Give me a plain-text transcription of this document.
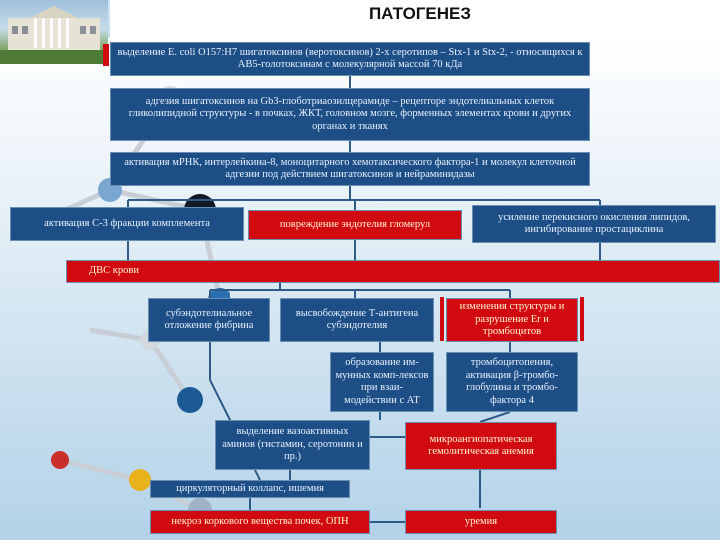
ПАТОГЕНЕЗ
выделение E. coli O157:H7 шигатоксинов (веротоксинов) 2-х серотипов – Stx-1 и Stx-2, - относящихся к АВ5-голотоксинам с молекулярной массой 70 кДа
адгезия шигатоксинов на Gb3-глоботриаозилцерамиде – рецепторе эндотелиальных клеток гликолипидной структуры - в почках, ЖКТ, головном мозге, форменных элементах крови и других органах и тканях
активация мРНК, интерлейкина-8, моноцитарного хемотаксического фактора-1 и молекул клеточной адгезии под действием шигатоксинов и нейраминидазы
активация С-3 фракции комплемента	повреждение эндотелия гломерул
усиление перекисного окисления липидов, ингибирование простациклина
ДВС крови
субэндотелиальное отложение фибрина
высвобождение Т-антигена субэндотелия
изменения структуры и разрушение Er и тромбоцитов
образование им-мунных комп-лексов при взаи-модействии с АТ
тромбоцитопения, активация β-тромбо-глобулина и тромбо-фактора 4
выделение вазоактивных аминов (гистамин, серотонин и пр.)
микроангиопатическая гемолитическая анемия
циркуляторный коллапс, ишемия
некроз коркового вещества почек, ОПН	уремия
